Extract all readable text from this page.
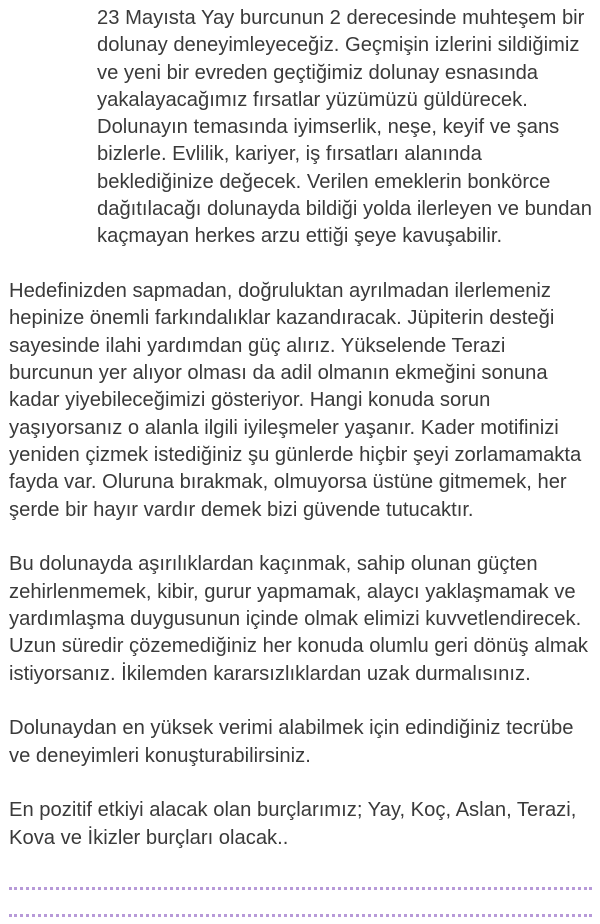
23 Mayısta Yay burcunun 2 derecesinde muhteşem bir dolunay deneyimleyeceğiz. Geçmişin izlerini sildiğimiz ve yeni bir evreden geçtiğimiz dolunay esnasında yakalayacağımız fırsatlar yüzümüzü güldürecek. Dolunayın temasında iyimserlik, neşe, keyif ve şans bizlerle. Evlilik, kariyer, iş fırsatları alanında beklediğinize değecek. Verilen emeklerin bonkörce dağıtılacağı dolunayda bildiği yolda ilerleyen ve bundan kaçmayan herkes arzu ettiği şeye kavuşabilir.

Hedefinizden sapmadan, doğruluktan ayrılmadan ilerlemeniz hepinize önemli farkındalıklar kazandıracak. Jüpiterin desteği sayesinde ilahi yardımdan güç alırız. Yükselende Terazi burcunun yer alıyor olması da adil olmanın ekmeğini sonuna kadar yiyebileceğimizi gösteriyor. Hangi konuda sorun yaşıyorsanız o alanla ilgili iyileşmeler yaşanır. Kader motifinizi yeniden çizmek istediğiniz şu günlerde hiçbir şeyi zorlamamakta fayda var. Oluruna bırakmak, olmuyorsa üstüne gitmemek, her şerde bir hayır vardır demek bizi güvende tutucaktır.

Bu dolunayda aşırılıklardan kaçınmak, sahip olunan güçten zehirlenmemek, kibir, gurur yapmamak, alaycı yaklaşmamak ve yardımlaşma duygusunun içinde olmak elimizi kuvvetlendirecek. Uzun süredir çözemediğiniz her konuda olumlu geri dönüş almak istiyorsanız. İkilemden kararsızlıklardan uzak durmalısınız.

Dolunaydan en yüksek verimi alabilmek için edindiğiniz tecrübe ve deneyimleri konuşturabilirsiniz.

En pozitif etkiyi alacak olan burçlarımız; Yay, Koç, Aslan, Terazi, Kova ve İkizler burçları olacak..
